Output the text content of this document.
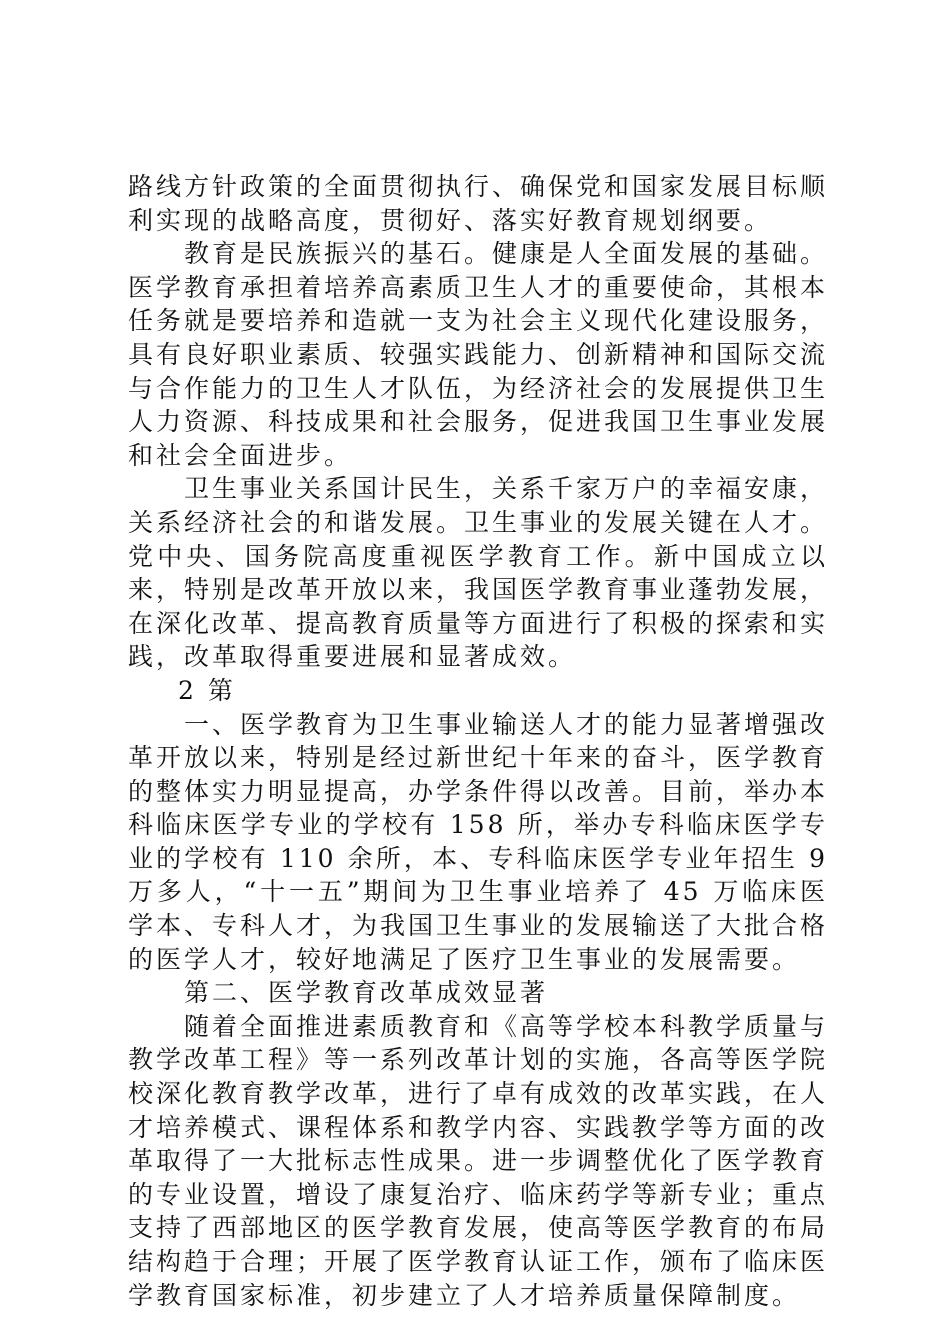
路线方针政策的全面贯彻执行、确保党和国家发展目标顺利实现的战略高度，贯彻好、落实好教育规划纲要。

教育是民族振兴的基石。健康是人全面发展的基础。医学教育承担着培养高素质卫生人才的重要使命，其根本任务就是要培养和造就一支为社会主义现代化建设服务，具有良好职业素质、较强实践能力、创新精神和国际交流与合作能力的卫生人才队伍，为经济社会的发展提供卫生人力资源、科技成果和社会服务，促进我国卫生事业发展和社会全面进步。

卫生事业关系国计民生，关系千家万户的幸福安康，关系经济社会的和谐发展。卫生事业的发展关键在人才。党中央、国务院高度重视医学教育工作。新中国成立以来，特别是改革开放以来，我国医学教育事业蓬勃发展，在深化改革、提高教育质量等方面进行了积极的探索和实践，改革取得重要进展和显著成效。

2 第

一、医学教育为卫生事业输送人才的能力显著增强改革开放以来，特别是经过新世纪十年来的奋斗，医学教育的整体实力明显提高，办学条件得以改善。目前，举办本科临床医学专业的学校有 158 所，举办专科临床医学专业的学校有 110 余所，本、专科临床医学专业年招生 9 万多人，“十一五”期间为卫生事业培养了 45 万临床医学本、专科人才，为我国卫生事业的发展输送了大批合格的医学人才，较好地满足了医疗卫生事业的发展需要。

第二、医学教育改革成效显著

随着全面推进素质教育和《高等学校本科教学质量与教学改革工程》等一系列改革计划的实施，各高等医学院校深化教育教学改革，进行了卓有成效的改革实践，在人才培养模式、课程体系和教学内容、实践教学等方面的改革取得了一大批标志性成果。进一步调整优化了医学教育的专业设置，增设了康复治疗、临床药学等新专业；重点支持了西部地区的医学教育发展，使高等医学教育的布局结构趋于合理；开展了医学教育认证工作，颁布了临床医学教育国家标准，初步建立了人才培养质量保障制度。
